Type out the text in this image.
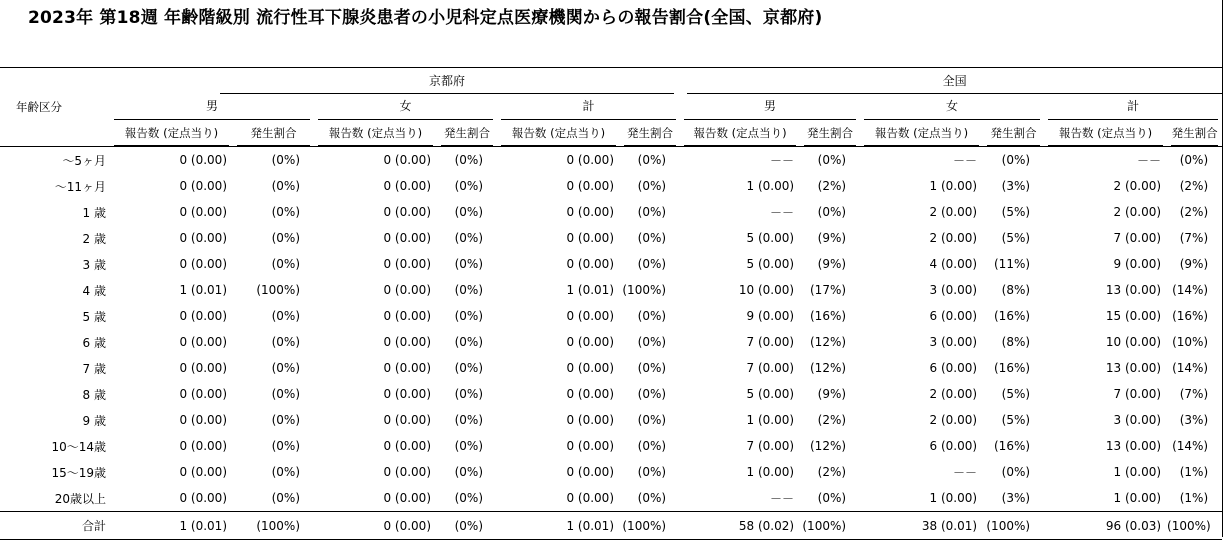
2023年 第18週 年齢階級別 流行性耳下腺炎患者の小児科定点医療機関からの報告割合(全国、京都府)
年齢区分	京都府						全国					

	男		女		計		男		女		計	

	報告数 (定点当り)	発生割合	報告数 (定点当り)	発生割合	報告数 (定点当り)	発生割合	報告数 (定点当り)	発生割合	報告数 (定点当り)	発生割合	報告数 (定点当り)	発生割合

～5ヶ月	0 (0.00)	(0%)	0 (0.00)	(0%)	0 (0.00)	(0%)	－－	(0%)	－－	(0%)	－－	(0%)
～11ヶ月	0 (0.00)	(0%)	0 (0.00)	(0%)	0 (0.00)	(0%)	1 (0.00)	(2%)	1 (0.00)	(3%)	2 (0.00)	(2%)
1 歳	0 (0.00)	(0%)	0 (0.00)	(0%)	0 (0.00)	(0%)	－－	(0%)	2 (0.00)	(5%)	2 (0.00)	(2%)
2 歳	0 (0.00)	(0%)	0 (0.00)	(0%)	0 (0.00)	(0%)	5 (0.00)	(9%)	2 (0.00)	(5%)	7 (0.00)	(7%)
3 歳	0 (0.00)	(0%)	0 (0.00)	(0%)	0 (0.00)	(0%)	5 (0.00)	(9%)	4 (0.00)	(11%)	9 (0.00)	(9%)
4 歳	1 (0.01)	(100%)	0 (0.00)	(0%)	1 (0.01)	(100%)	10 (0.00)	(17%)	3 (0.00)	(8%)	13 (0.00)	(14%)
5 歳	0 (0.00)	(0%)	0 (0.00)	(0%)	0 (0.00)	(0%)	9 (0.00)	(16%)	6 (0.00)	(16%)	15 (0.00)	(16%)
6 歳	0 (0.00)	(0%)	0 (0.00)	(0%)	0 (0.00)	(0%)	7 (0.00)	(12%)	3 (0.00)	(8%)	10 (0.00)	(10%)
7 歳	0 (0.00)	(0%)	0 (0.00)	(0%)	0 (0.00)	(0%)	7 (0.00)	(12%)	6 (0.00)	(16%)	13 (0.00)	(14%)
8 歳	0 (0.00)	(0%)	0 (0.00)	(0%)	0 (0.00)	(0%)	5 (0.00)	(9%)	2 (0.00)	(5%)	7 (0.00)	(7%)
9 歳	0 (0.00)	(0%)	0 (0.00)	(0%)	0 (0.00)	(0%)	1 (0.00)	(2%)	2 (0.00)	(5%)	3 (0.00)	(3%)
10～14歳	0 (0.00)	(0%)	0 (0.00)	(0%)	0 (0.00)	(0%)	7 (0.00)	(12%)	6 (0.00)	(16%)	13 (0.00)	(14%)
15～19歳	0 (0.00)	(0%)	0 (0.00)	(0%)	0 (0.00)	(0%)	1 (0.00)	(2%)	－－	(0%)	1 (0.00)	(1%)
20歳以上	0 (0.00)	(0%)	0 (0.00)	(0%)	0 (0.00)	(0%)	－－	(0%)	1 (0.00)	(3%)	1 (0.00)	(1%)
合計	1 (0.01)	(100%)	0 (0.00)	(0%)	1 (0.01)	(100%)	58 (0.02)	(100%)	38 (0.01)	(100%)	96 (0.03)	(100%)
